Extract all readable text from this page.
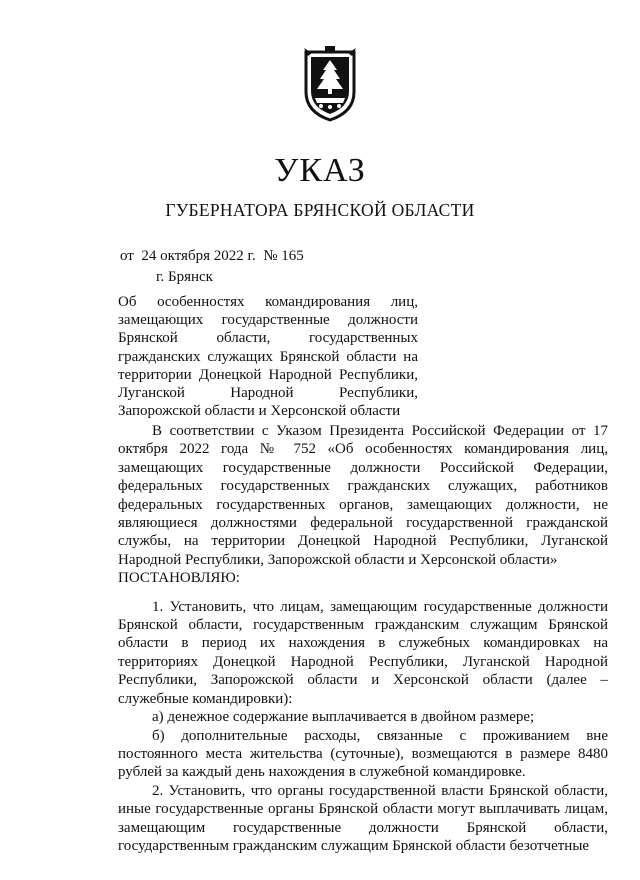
УКАЗ
ГУБЕРНАТОРА БРЯНСКОЙ ОБЛАСТИ
от  24 октября 2022 г.  № 165
г. Брянск
Об особенностях командирования лиц, замещающих государственные должности Брянской области, государственных гражданских служащих Брянской области на территории Донецкой Народной Республики, Луганской Народной Республики, Запорожской области и Херсонской области

В соответствии с Указом Президента Российской Федерации от 17 октября 2022 года № 752 «Об особенностях командирования лиц, замещающих государственные должности Российской Федерации, федеральных государственных гражданских служащих, работников федеральных государственных органов, замещающих должности, не являющиеся должностями федеральной государственной гражданской службы, на территории Донецкой Народной Республики, Луганской Народной Республики, Запорожской области и Херсонской области»

ПОСТАНОВЛЯЮ:

1. Установить, что лицам, замещающим государственные должности Брянской области, государственным гражданским служащим Брянской области в период их нахождения в служебных командировках на территориях Донецкой Народной Республики, Луганской Народной Республики, Запорожской области и Херсонской области (далее – служебные командировки):

а) денежное содержание выплачивается в двойном размере;

б) дополнительные расходы, связанные с проживанием вне постоянного места жительства (суточные), возмещаются в размере 8480 рублей за каждый день нахождения в служебной командировке.

2. Установить, что органы государственной власти Брянской области, иные государственные органы Брянской области могут выплачивать лицам, замещающим государственные должности Брянской области, государственным гражданским служащим Брянской области безотчетные
